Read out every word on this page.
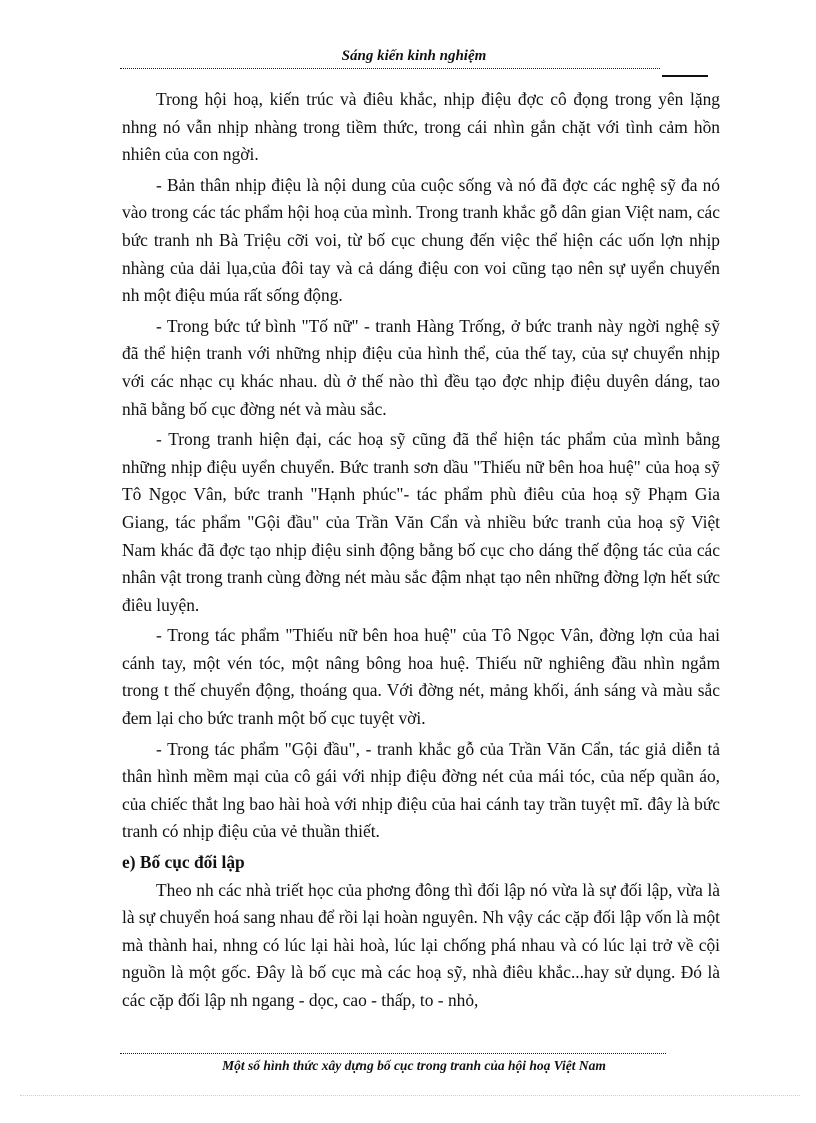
Sáng kiến kinh nghiệm

Trong hội hoạ, kiến trúc và điêu khắc, nhịp điệu đợc cô đọng trong yên lặng nhng nó vẫn nhịp nhàng trong tiềm thức, trong cái nhìn gắn chặt với tình cảm hồn nhiên của con ngời.

- Bản thân nhịp điệu là nội dung của cuộc sống và nó đã đợc các nghệ sỹ đa nó vào trong các tác phẩm hội hoạ của mình. Trong tranh khắc gỗ dân gian Việt nam, các bức tranh nh Bà Triệu cỡi voi, từ bố cục chung đến việc thể hiện các uốn lợn nhịp nhàng của dải lụa,của đôi tay và cả dáng điệu con voi cũng tạo nên sự uyển chuyển nh một điệu múa rất sống động.

- Trong bức tứ bình "Tố nữ" - tranh Hàng Trống, ở bức tranh này ngời nghệ sỹ đã thể hiện tranh với những nhịp điệu của hình thể, của thế tay, của sự chuyển nhịp với các nhạc cụ khác nhau. dù ở thế nào thì đều tạo đợc nhịp điệu duyên dáng, tao nhã bằng bố cục đờng nét và màu sắc.

- Trong tranh hiện đại, các hoạ sỹ cũng đã thể hiện tác phẩm của mình bằng những nhịp điệu uyển chuyển. Bức tranh sơn dầu "Thiếu nữ bên hoa huệ" của hoạ sỹ Tô Ngọc Vân, bức tranh "Hạnh phúc"- tác phẩm phù điêu của hoạ sỹ Phạm Gia Giang, tác phẩm "Gội đầu" của Trần Văn Cẩn và nhiều bức tranh của hoạ sỹ Việt Nam khác đã đợc tạo nhịp điệu sinh động bằng bố cục cho dáng thế động tác của các nhân vật trong tranh cùng đờng nét màu sắc đậm nhạt tạo nên những đờng lợn hết sức điêu luyện.

- Trong tác phẩm "Thiếu nữ bên hoa huệ" của Tô Ngọc Vân, đờng lợn của hai cánh tay, một vén tóc, một nâng bông hoa huệ. Thiếu nữ nghiêng đầu nhìn ngắm trong t thế chuyển động, thoáng qua. Với đờng nét, mảng khối, ánh sáng và màu sắc đem lại cho bức tranh một bố cục tuyệt vời.

- Trong tác phẩm "Gội đầu", - tranh khắc gỗ của Trần Văn Cẩn, tác giả diễn tả thân hình mềm mại của cô gái với nhịp điệu đờng nét của mái tóc, của nếp quần áo, của chiếc thắt lng bao hài hoà với nhịp điệu của hai cánh tay trần tuyệt mĩ. đây là bức tranh có nhịp điệu của vẻ thuần thiết.

e) Bố cục đối lập

Theo nh các nhà triết học của phơng đông thì đối lập nó vừa là sự đối lập, vừa là là sự chuyển hoá sang nhau để rồi lại hoàn nguyên. Nh vậy các cặp đối lập vốn là một mà thành hai, nhng có lúc lại hài hoà, lúc lại chống phá nhau và có lúc lại trở về cội nguồn là một gốc. Đây là bố cục mà các hoạ sỹ, nhà điêu khắc...hay sử dụng. Đó là các cặp đối lập nh ngang - dọc, cao - thấp, to - nhỏ,

Một số hình thức xây dựng bố cục trong tranh của hội hoạ Việt Nam
